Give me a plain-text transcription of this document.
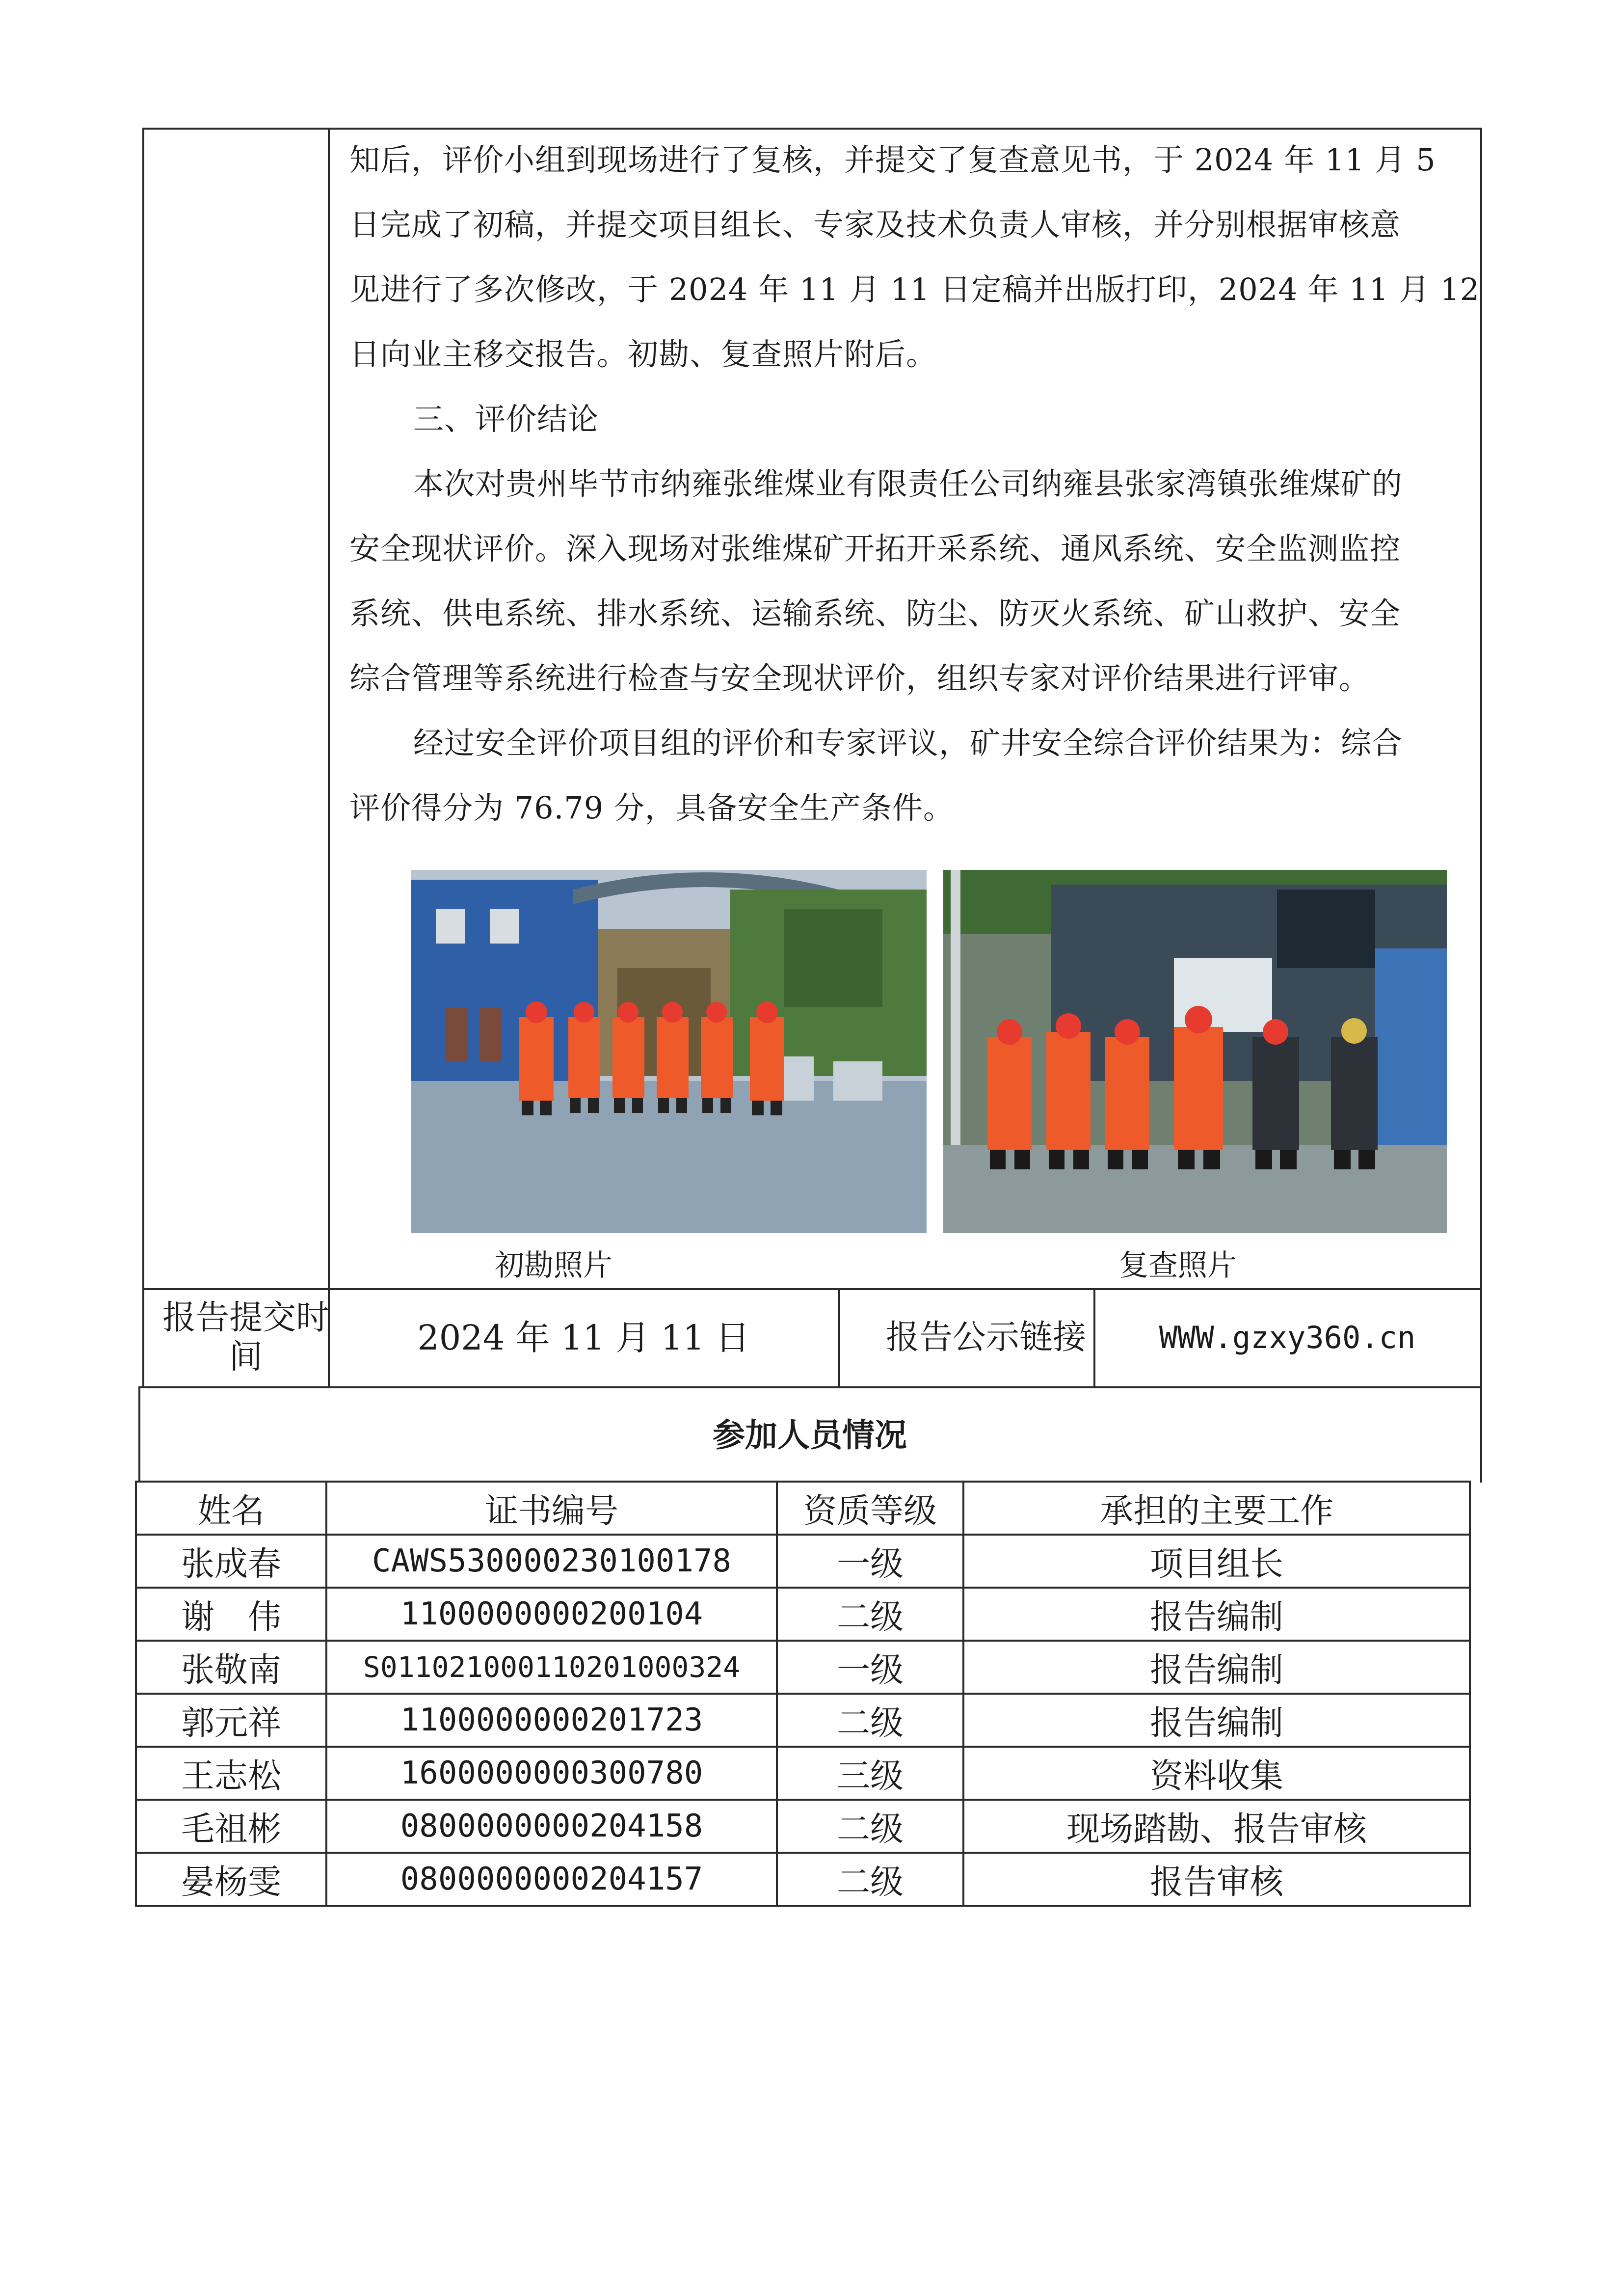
知后，评价小组到现场进行了复核，并提交了复查意见书，于 2024 年 11 月 5

日完成了初稿，并提交项目组长、专家及技术负责人审核，并分别根据审核意

见进行了多次修改，于 2024 年 11 月 11 日定稿并出版打印，2024 年 11 月 12

日向业主移交报告。初勘、复查照片附后。

三、评价结论

本次对贵州毕节市纳雍张维煤业有限责任公司纳雍县张家湾镇张维煤矿的

安全现状评价。深入现场对张维煤矿开拓开采系统、通风系统、安全监测监控

系统、供电系统、排水系统、运输系统、防尘、防灭火系统、矿山救护、安全

综合管理等系统进行检查与安全现状评价，组织专家对评价结果进行评审。

经过安全评价项目组的评价和专家评议，矿井安全综合评价结果为：综合

评价得分为 76.79 分，具备安全生产条件。

初勘照片	复查照片
报告提交时间	2024 年 11 月 11 日	报告公示链接	WWW.gzxy360.cn
参加人员情况
姓名	证书编号	资质等级	承担的主要工作
张成春	CAWS530000230100178	一级	项目组长
谢　伟	1100000000200104	二级	报告编制
张敬南	S011021000110201000324	一级	报告编制
郭元祥	1100000000201723	二级	报告编制
王志松	1600000000300780	三级	资料收集
毛祖彬	0800000000204158	二级	现场踏勘、报告审核
晏杨雯	0800000000204157	二级	报告审核
